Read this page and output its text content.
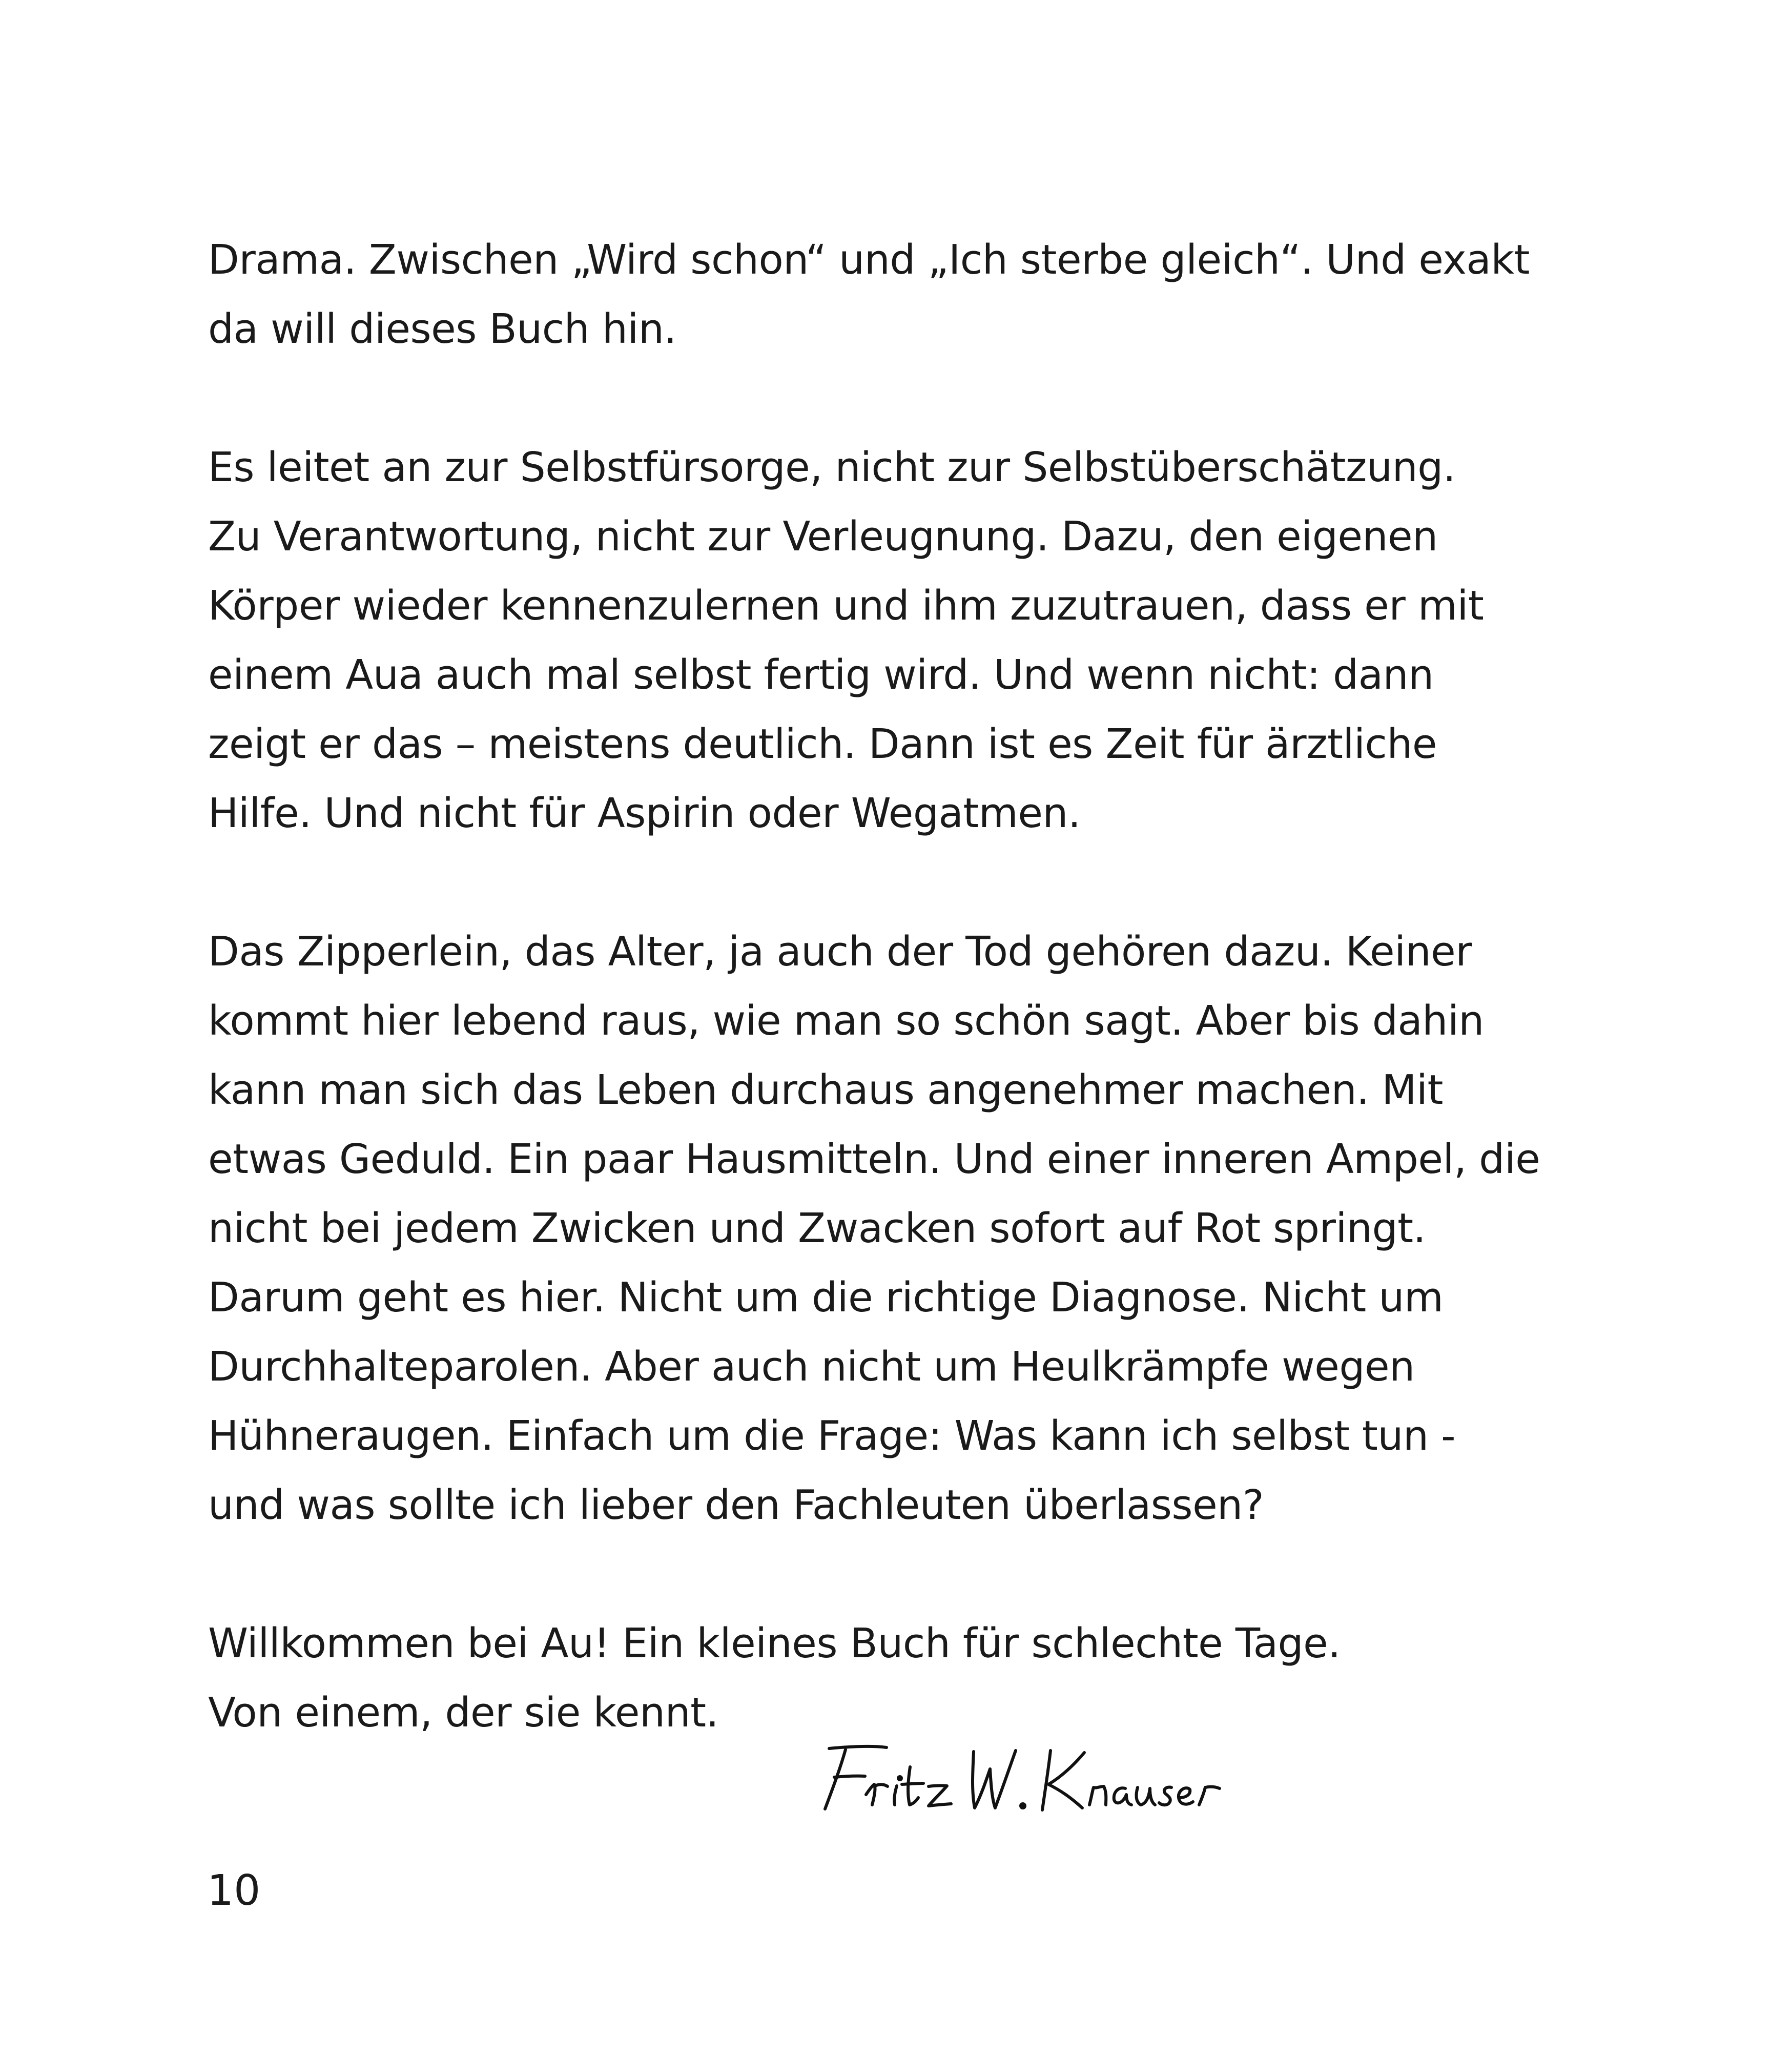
Drama. Zwischen „Wird schon“ und „Ich sterbe gleich“. Und exakt
da will dieses Buch hin.

Es leitet an zur Selbstfürsorge, nicht zur Selbstüberschätzung.
Zu Verantwortung, nicht zur Verleugnung. Dazu, den eigenen
Körper wieder kennenzulernen und ihm zuzutrauen, dass er mit
einem Aua auch mal selbst fertig wird. Und wenn nicht: dann
zeigt er das – meistens deutlich. Dann ist es Zeit für ärztliche
Hilfe. Und nicht für Aspirin oder Wegatmen.

Das Zipperlein, das Alter, ja auch der Tod gehören dazu. Keiner
kommt hier lebend raus, wie man so schön sagt. Aber bis dahin
kann man sich das Leben durchaus angenehmer machen. Mit
etwas Geduld. Ein paar Hausmitteln. Und einer inneren Ampel, die
nicht bei jedem Zwicken und Zwacken sofort auf Rot springt.
Darum geht es hier. Nicht um die richtige Diagnose. Nicht um
Durchhalteparolen. Aber auch nicht um Heulkrämpfe wegen
Hühneraugen. Einfach um die Frage: Was kann ich selbst tun -
und was sollte ich lieber den Fachleuten überlassen?

Willkommen bei Au! Ein kleines Buch für schlechte Tage.
Von einem, der sie kennt.

10
